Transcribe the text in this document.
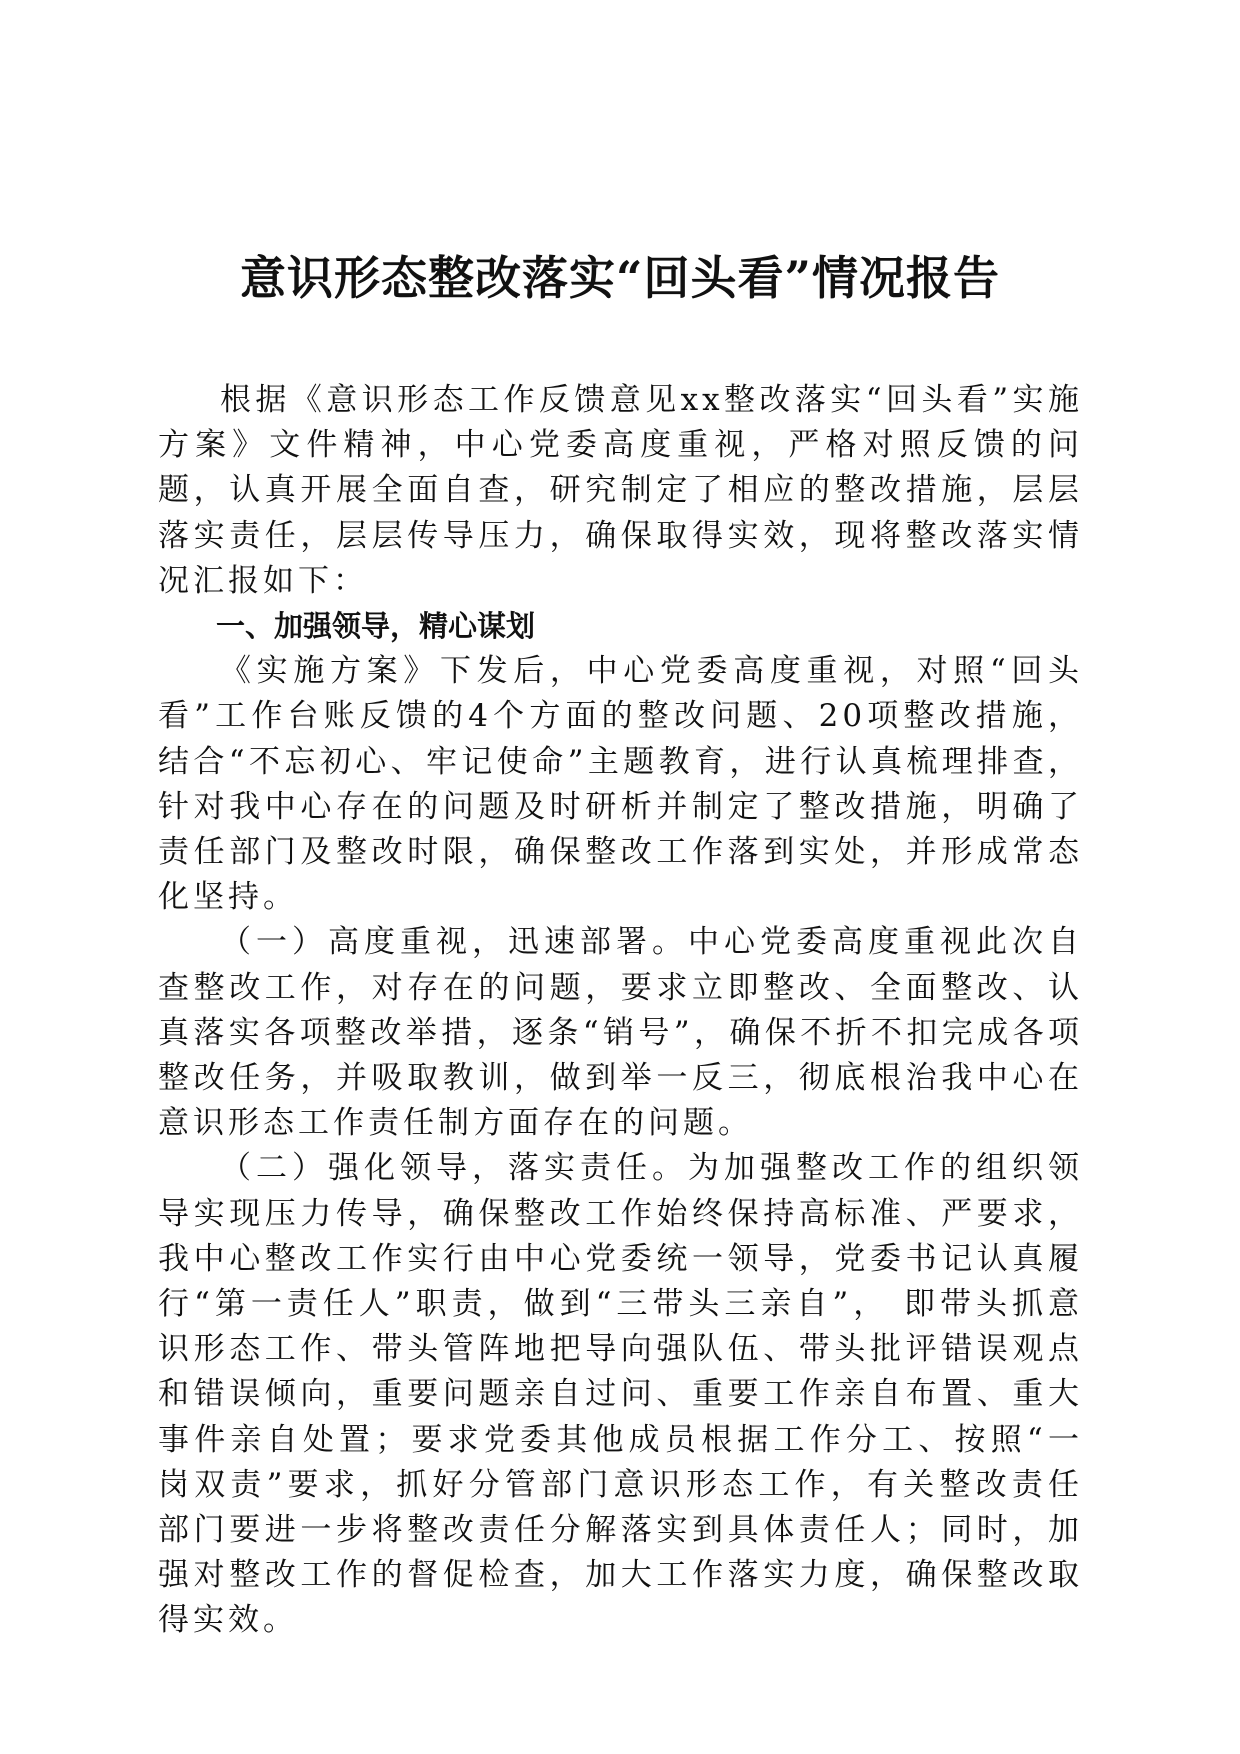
意识形态整改落实“回头看”情况报告

根据《意识形态工作反馈意见xx整改落实“回头看”实施方案》文件精神，中心党委高度重视，严格对照反馈的问题，认真开展全面自查，研究制定了相应的整改措施，层层落实责任，层层传导压力，确保取得实效，现将整改落实情况汇报如下：

一、加强领导，精心谋划

《实施方案》下发后，中心党委高度重视，对照“回头看”工作台账反馈的4个方面的整改问题、20项整改措施，结合“不忘初心、牢记使命”主题教育，进行认真梳理排查，针对我中心存在的问题及时研析并制定了整改措施，明确了责任部门及整改时限，确保整改工作落到实处，并形成常态化坚持。

（一）高度重视，迅速部署。中心党委高度重视此次自查整改工作，对存在的问题，要求立即整改、全面整改、认真落实各项整改举措，逐条“销号”，确保不折不扣完成各项整改任务，并吸取教训，做到举一反三，彻底根治我中心在意识形态工作责任制方面存在的问题。

（二）强化领导，落实责任。为加强整改工作的组织领导实现压力传导，确保整改工作始终保持高标准、严要求，我中心整改工作实行由中心党委统一领导，党委书记认真履行“第一责任人”职责，做到“三带头三亲自”， 即带头抓意识形态工作、带头管阵地把导向强队伍、带头批评错误观点和错误倾向，重要问题亲自过问、重要工作亲自布置、重大事件亲自处置；要求党委其他成员根据工作分工、按照“一岗双责”要求，抓好分管部门意识形态工作，有关整改责任部门要进一步将整改责任分解落实到具体责任人；同时，加强对整改工作的督促检查，加大工作落实力度，确保整改取得实效。
